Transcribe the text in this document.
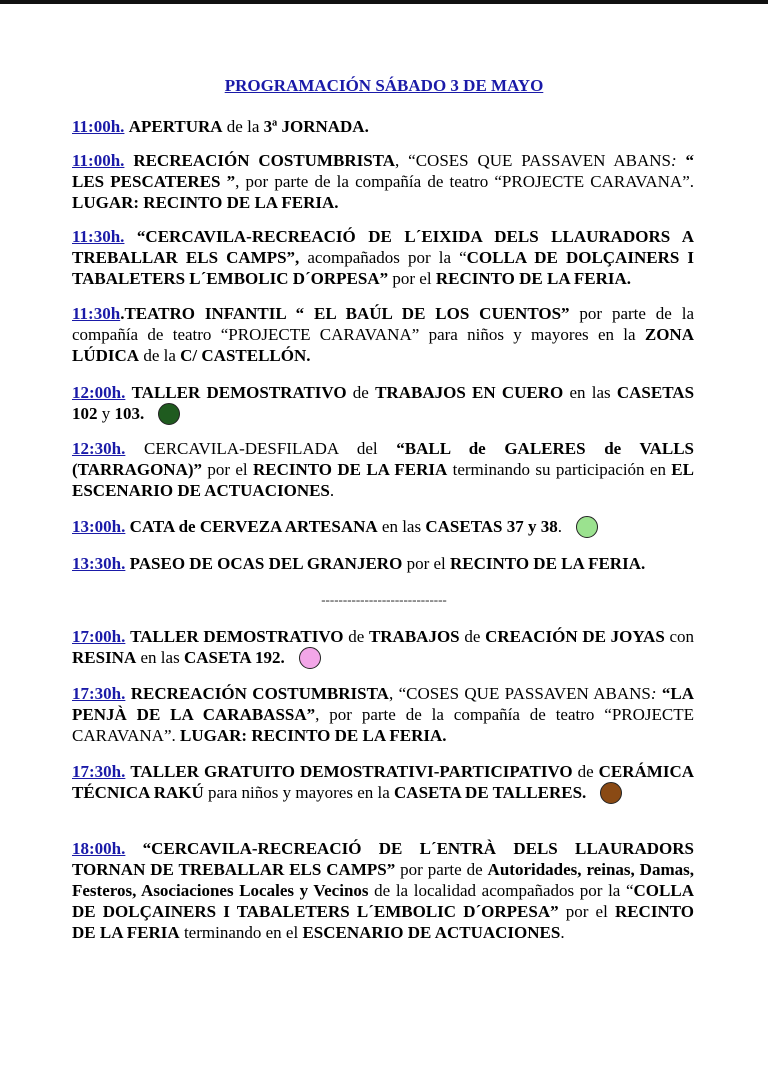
PROGRAMACIÓN SÁBADO 3 DE MAYO
11:00h. APERTURA de la 3ª JORNADA.
11:00h. RECREACIÓN COSTUMBRISTA, “COSES QUE PASSAVEN ABANS: “ LES PESCATERES ”, por parte de la compañía de teatro “PROJECTE CARAVANA”. LUGAR: RECINTO DE LA FERIA.
11:30h. “CERCAVILA-RECREACIÓ DE L´EIXIDA DELS LLAURADORS A TREBALLAR ELS CAMPS”, acompañados por la “COLLA DE DOLÇAINERS I TABALETERS L´EMBOLIC D´ORPESA” por el RECINTO DE LA FERIA.
11:30h.TEATRO INFANTIL “ EL BAÚL DE LOS CUENTOS” por parte de la compañía de teatro “PROJECTE CARAVANA” para niños y mayores en la ZONA LÚDICA de la C/ CASTELLÓN.
12:00h. TALLER DEMOSTRATIVO de TRABAJOS EN CUERO en las CASETAS 102 y 103.
12:30h. CERCAVILA-DESFILADA del “BALL de GALERES de VALLS (TARRAGONA)” por el RECINTO DE LA FERIA terminando su participación en EL ESCENARIO DE ACTUACIONES.
13:00h. CATA de CERVEZA ARTESANA en las CASETAS 37 y 38.
13:30h. PASEO DE OCAS DEL GRANJERO por el RECINTO DE LA FERIA.
-----------------------------
17:00h. TALLER DEMOSTRATIVO de TRABAJOS de CREACIÓN DE JOYAS con RESINA en las CASETA 192.
17:30h. RECREACIÓN COSTUMBRISTA, “COSES QUE PASSAVEN ABANS: “LA PENJÀ DE LA CARABASSA”, por parte de la compañía de teatro “PROJECTE CARAVANA”. LUGAR: RECINTO DE LA FERIA.
17:30h. TALLER GRATUITO DEMOSTRATIVI-PARTICIPATIVO de CERÁMICA TÉCNICA RAKÚ para niños y mayores en la CASETA DE TALLERES.
18:00h. “CERCAVILA-RECREACIÓ DE L´ENTRÀ DELS LLAURADORS TORNAN DE TREBALLAR ELS CAMPS” por parte de Autoridades, reinas, Damas, Festeros, Asociaciones Locales y Vecinos de la localidad acompañados por la “COLLA DE DOLÇAINERS I TABALETERS L´EMBOLIC D´ORPESA” por el RECINTO DE LA FERIA terminando en el ESCENARIO DE ACTUACIONES.
